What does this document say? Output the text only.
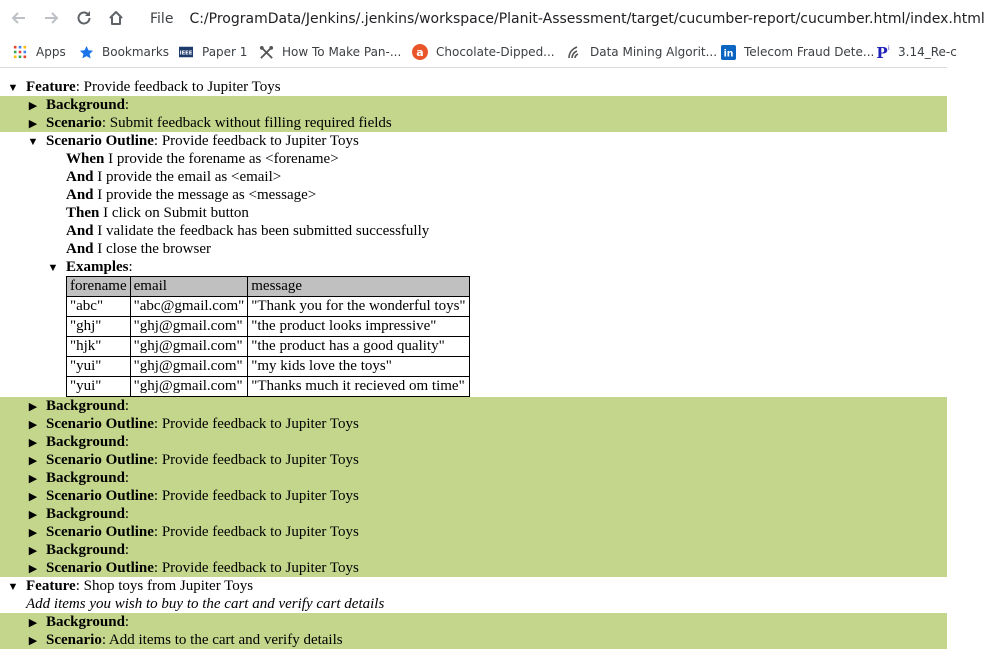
File C:/ProgramData/Jenkins/.jenkins/workspace/Planit-Assessment/target/cucumber-report/cucumber.html/index.html
Apps	Bookmarks IEEE Paper 1	How To Make Pan-... a Chocolate-Dipped...	Data Mining Algorit... in Telecom Fraud Dete... P i 3.14_Re-c
▼ Feature: Provide feedback to Jupiter Toys
▶ Background:
▶ Scenario: Submit feedback without filling required fields
▼ Scenario Outline: Provide feedback to Jupiter Toys
When I provide the forename as <forename>
And I provide the email as <email>
And I provide the message as <message>
Then I click on Submit button
And I validate the feedback has been submitted successfully
And I close the browser
▼ Examples:
forename	email	message
"abc"	"abc@gmail.com"	"Thank you for the wonderful toys"
"ghj"	"ghj@gmail.com"	"the product looks impressive"
"hjk"	"ghj@gmail.com"	"the product has a good quality"
"yui"	"ghj@gmail.com"	"my kids love the toys"
"yui"	"ghj@gmail.com"	"Thanks much it recieved om time"
▶ Background:
▶ Scenario Outline: Provide feedback to Jupiter Toys
▶ Background:
▶ Scenario Outline: Provide feedback to Jupiter Toys
▶ Background:
▶ Scenario Outline: Provide feedback to Jupiter Toys
▶ Background:
▶ Scenario Outline: Provide feedback to Jupiter Toys
▶ Background:
▶ Scenario Outline: Provide feedback to Jupiter Toys
▼ Feature: Shop toys from Jupiter Toys
Add items you wish to buy to the cart and verify cart details
▶ Background:
▶ Scenario: Add items to the cart and verify details
